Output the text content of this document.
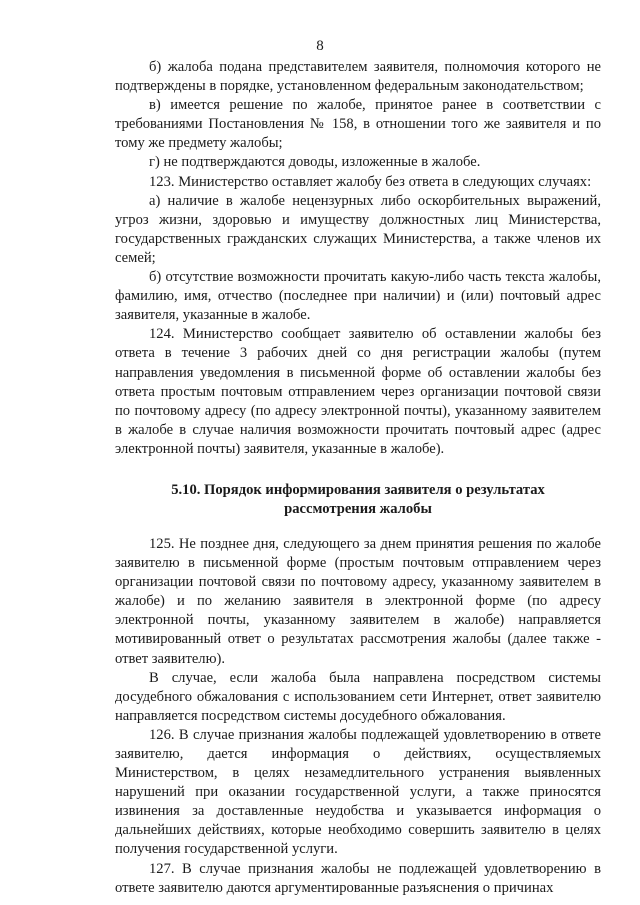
8

б) жалоба подана представителем заявителя, полномочия которого не подтверждены в порядке, установленном федеральным законодательством;

в) имеется решение по жалобе, принятое ранее в соответствии с требованиями Постановления № 158, в отношении того же заявителя и по тому же предмету жалобы;

г) не подтверждаются доводы, изложенные в жалобе.

123. Министерство оставляет жалобу без ответа в следующих случаях:

а) наличие в жалобе нецензурных либо оскорбительных выражений, угроз жизни, здоровью и имуществу должностных лиц Министерства, государственных гражданских служащих Министерства, а также членов их семей;

б) отсутствие возможности прочитать какую-либо часть текста жалобы, фамилию, имя, отчество (последнее при наличии) и (или) почтовый адрес заявителя, указанные в жалобе.

124. Министерство сообщает заявителю об оставлении жалобы без ответа в течение 3 рабочих дней со дня регистрации жалобы (путем направления уведомления в письменной форме об оставлении жалобы без ответа простым почтовым отправлением через организации почтовой связи по почтовому адресу (по адресу электронной почты), указанному заявителем в жалобе в случае наличия возможности прочитать почтовый адрес (адрес электронной почты) заявителя, указанные в жалобе).

5.10. Порядок информирования заявителя о результатах рассмотрения жалобы

125. Не позднее дня, следующего за днем принятия решения по жалобе заявителю в письменной форме (простым почтовым отправлением через организации почтовой связи по почтовому адресу, указанному заявителем в жалобе) и по желанию заявителя в электронной форме (по адресу электронной почты, указанному заявителем в жалобе) направляется мотивированный ответ о результатах рассмотрения жалобы (далее также - ответ заявителю).

В случае, если жалоба была направлена посредством системы досудебного обжалования с использованием сети Интернет, ответ заявителю направляется посредством системы досудебного обжалования.

126. В случае признания жалобы подлежащей удовлетворению в ответе заявителю, дается информация о действиях, осуществляемых Министерством, в целях незамедлительного устранения выявленных нарушений при оказании государственной услуги, а также приносятся извинения за доставленные неудобства и указывается информация о дальнейших действиях, которые необходимо совершить заявителю в целях получения государственной услуги.

127. В случае признания жалобы не подлежащей удовлетворению в ответе заявителю даются аргументированные разъяснения о причинах
